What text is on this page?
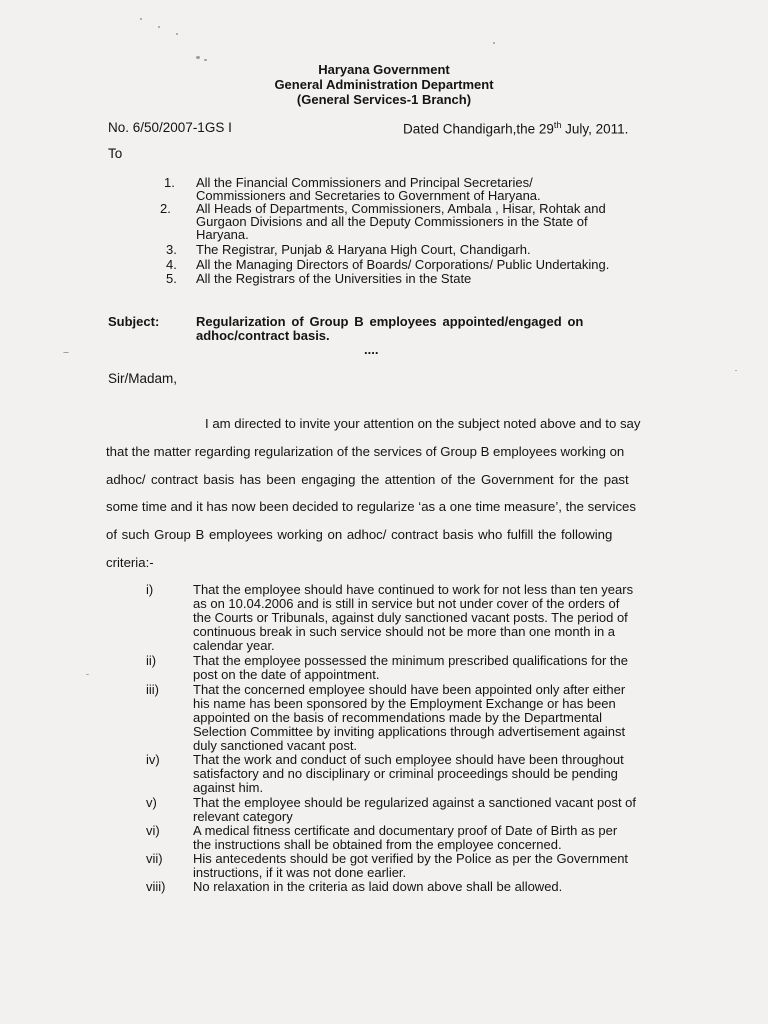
Haryana Government
General Administration Department
(General Services-1 Branch)
No. 6/50/2007-1GS I	Dated Chandigarh,the 29th July, 2011.
To
1. All the Financial Commissioners and Principal Secretaries/
Commissioners and Secretaries to Government of Haryana.
2. All Heads of Departments, Commissioners, Ambala , Hisar, Rohtak and
Gurgaon Divisions and all the Deputy Commissioners in the State of
Haryana.
3. The Registrar, Punjab & Haryana High Court, Chandigarh.
4. All the Managing Directors of Boards/ Corporations/ Public Undertaking.
5. All the Registrars of the Universities in the State
Subject:	Regularization of Group B employees appointed/engaged on
adhoc/contract basis.
....
Sir/Madam,
I am directed to invite your attention on the subject noted above and to say
that the matter regarding regularization of the services of Group B employees working on
adhoc/ contract basis has been engaging the attention of the Government for the past
some time and it has now been decided to regularize ‘as a one time measure’, the services
of such Group B employees working on adhoc/ contract basis who fulfill the following
criteria:-
i)	That the employee should have continued to work for not less than ten years
as on 10.04.2006 and is still in service but not under cover of the orders of
the Courts or Tribunals, against duly sanctioned vacant posts. The period of
continuous break in such service should not be more than one month in a
calendar year.
ii)	That the employee possessed the minimum prescribed qualifications for the
post on the date of appointment.
iii)	That the concerned employee should have been appointed only after either
his name has been sponsored by the Employment Exchange or has been
appointed on the basis of recommendations made by the Departmental
Selection Committee by inviting applications through advertisement against
duly sanctioned vacant post.
iv)	That the work and conduct of such employee should have been throughout
satisfactory and no disciplinary or criminal proceedings should be pending
against him.
v)	That the employee should be regularized against a sanctioned vacant post of
relevant category
vi)	A medical fitness certificate and documentary proof of Date of Birth as per
the instructions shall be obtained from the employee concerned.
vii) His antecedents should be got verified by the Police as per the Government
instructions, if it was not done earlier.
viii) No relaxation in the criteria as laid down above shall be allowed.
